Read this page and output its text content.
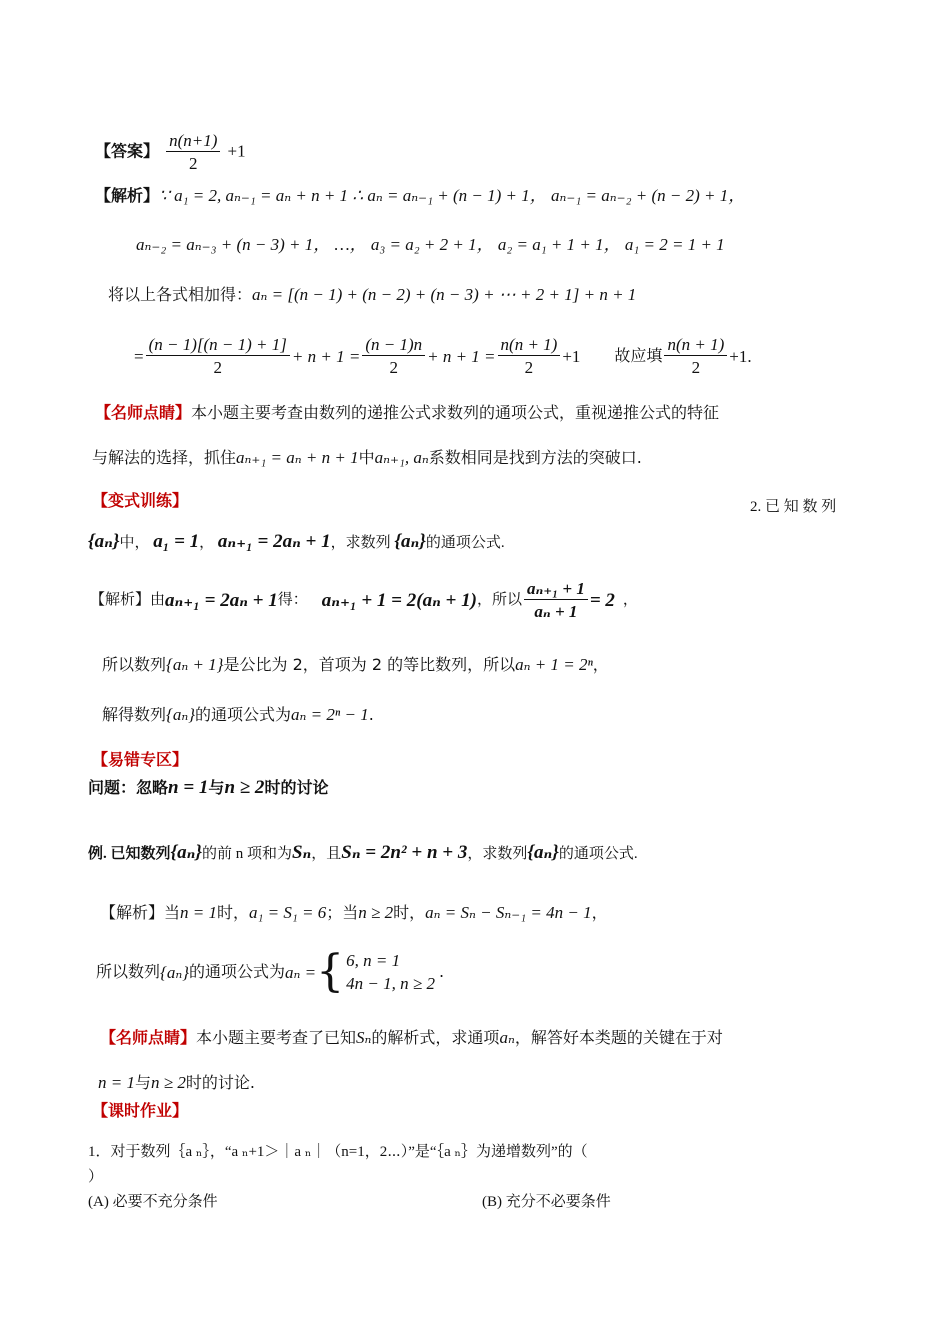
【答案】 $\frac{n(n+1)}{2} +1$
【解析】∵ a₁ = 2, aₙ₋₁ = aₙ + n + 1 ∴ aₙ = aₙ₋₁ + (n − 1) + 1， aₙ₋₁ = aₙ₋₂ + (n − 2) + 1，
aₙ₋₂ = aₙ₋₃ + (n − 3) + 1， …， a₃ = a₂ + 2 + 1， a₂ = a₁ + 1 + 1， a₁ = 2 = 1 + 1
将以上各式相加得：aₙ = [(n − 1) + (n − 2) + (n − 3) + ⋯ + 2 + 1] + n + 1
= $\frac{(n - 1)[(n - 1) + 1]}{2} + n + 1 = \frac{(n - 1)n}{2} + n + 1 = \frac{n(n + 1)}{2} +1$ 故应填 $\frac{n(n + 1)}{2} +1$.
【名师点睛】本小题主要考查由数列的递推公式求数列的通项公式，重视递推公式的特征
与解法的选择，抓住aₙ₊₁ = aₙ + n + 1中aₙ₊₁, aₙ系数相同是找到方法的突破口.
【变式训练】	2. 已 知 数 列
{aₙ}中， a₁ = 1， aₙ₊₁ = 2aₙ + 1，求数列 {aₙ}的通项公式.
【解析】由 aₙ₊₁ = 2aₙ + 1 得： aₙ₊₁ + 1 = 2(aₙ + 1) ，所以 $\frac{\text{aₙ₊₁ + 1}}{\text{aₙ + 1}} = 2$ ，
所以数列{aₙ + 1}是公比为 2，首项为 2 的等比数列，所以aₙ + 1 = 2ⁿ，
解得数列{aₙ}的通项公式为aₙ = 2ⁿ − 1.
【易错专区】
问题：忽略n = 1与n ≥ 2时的讨论
例. 已知数列{aₙ}的前 n 项和为Sₙ，且Sₙ = 2n² + n + 3，求数列{aₙ}的通项公式.
【解析】当n = 1时，a₁ = S₁ = 6；当n ≥ 2时，aₙ = Sₙ − Sₙ₋₁ = 4n − 1，
所以数列 {aₙ} 的通项公式为 aₙ = { 6, n = 1
4n − 1, n ≥ 2
.
【名师点睛】本小题主要考查了已知Sₙ的解析式，求通项aₙ，解答好本类题的关键在于对
n = 1与n ≥ 2时的讨论.
【课时作业】
1．对于数列｛a ₙ｝，“a ₙ+1＞｜a ₙ｜（n=1，2⋯）”是“｛a ₙ｝为递增数列”的（
）
(A) 必要不充分条件	(B) 充分不必要条件
